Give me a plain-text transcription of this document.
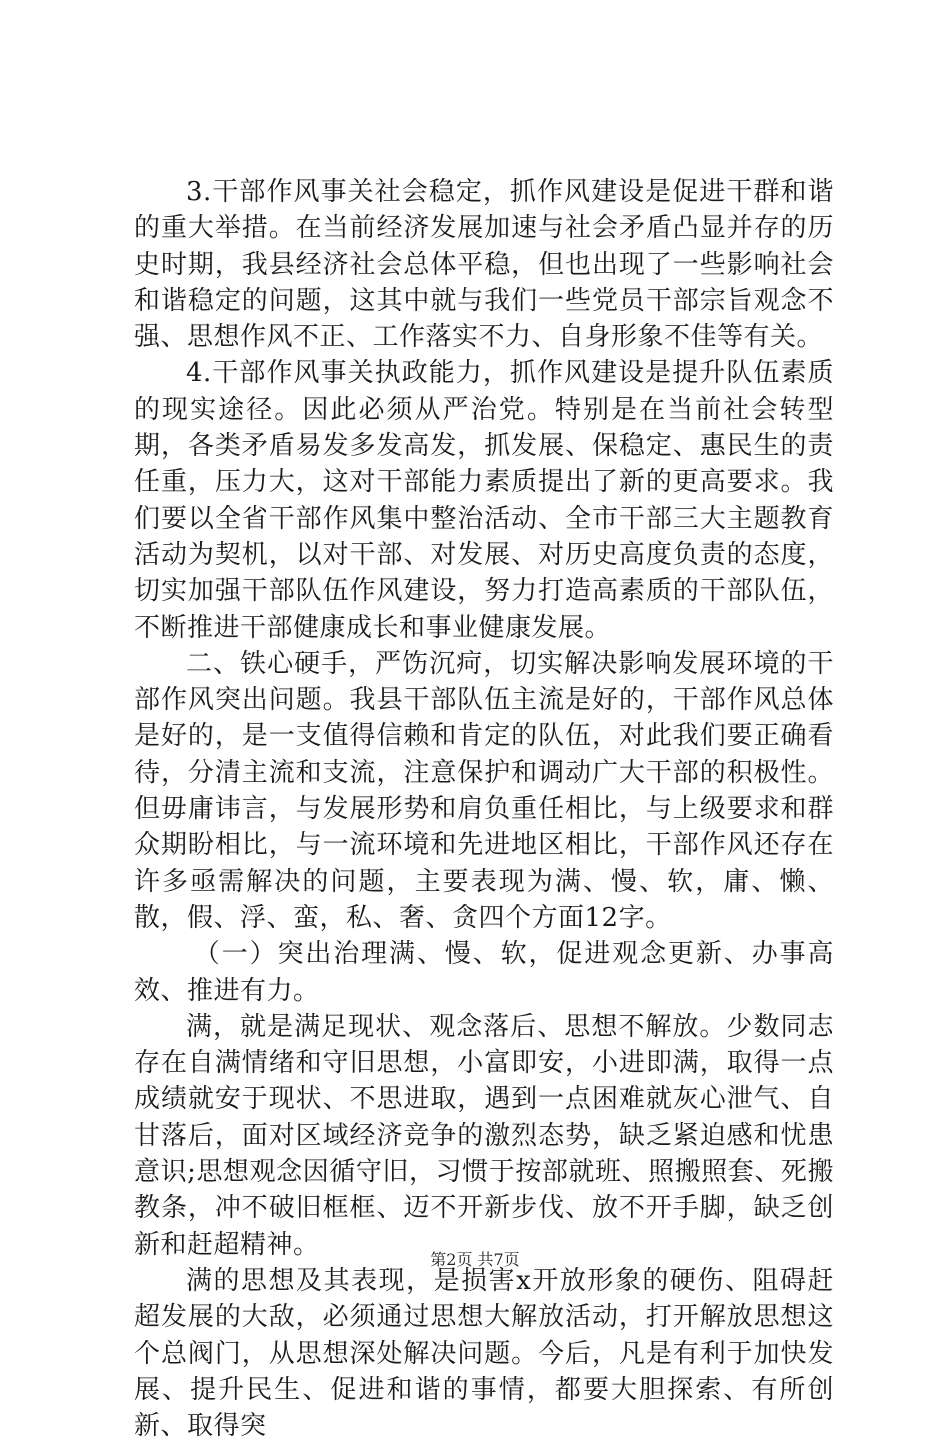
3.干部作风事关社会稳定，抓作风建设是促进干群和谐的重大举措。在当前经济发展加速与社会矛盾凸显并存的历史时期，我县经济社会总体平稳，但也出现了一些影响社会和谐稳定的问题，这其中就与我们一些党员干部宗旨观念不强、思想作风不正、工作落实不力、自身形象不佳等有关。

4.干部作风事关执政能力，抓作风建设是提升队伍素质的现实途径。因此必须从严治党。特别是在当前社会转型期，各类矛盾易发多发高发，抓发展、保稳定、惠民生的责任重，压力大，这对干部能力素质提出了新的更高要求。我们要以全省干部作风集中整治活动、全市干部三大主题教育活动为契机，以对干部、对发展、对历史高度负责的态度，切实加强干部队伍作风建设，努力打造高素质的干部队伍，不断推进干部健康成长和事业健康发展。

二、铁心硬手，严饬沉疴，切实解决影响发展环境的干部作风突出问题。我县干部队伍主流是好的，干部作风总体是好的，是一支值得信赖和肯定的队伍，对此我们要正确看待，分清主流和支流，注意保护和调动广大干部的积极性。但毋庸讳言，与发展形势和肩负重任相比，与上级要求和群众期盼相比，与一流环境和先进地区相比，干部作风还存在许多亟需解决的问题，主要表现为满、慢、软，庸、懒、散，假、浮、蛮，私、奢、贪四个方面12字。

（一）突出治理满、慢、软，促进观念更新、办事高效、推进有力。

满，就是满足现状、观念落后、思想不解放。少数同志存在自满情绪和守旧思想，小富即安，小进即满，取得一点成绩就安于现状、不思进取，遇到一点困难就灰心泄气、自甘落后，面对区域经济竞争的激烈态势，缺乏紧迫感和忧患意识;思想观念因循守旧，习惯于按部就班、照搬照套、死搬教条，冲不破旧框框、迈不开新步伐、放不开手脚，缺乏创新和赶超精神。

满的思想及其表现，是损害x开放形象的硬伤、阻碍赶超发展的大敌，必须通过思想大解放活动，打开解放思想这个总阀门，从思想深处解决问题。今后，凡是有利于加快发展、提升民生、促进和谐的事情，都要大胆探索、有所创新、取得突

第2页 共7页
